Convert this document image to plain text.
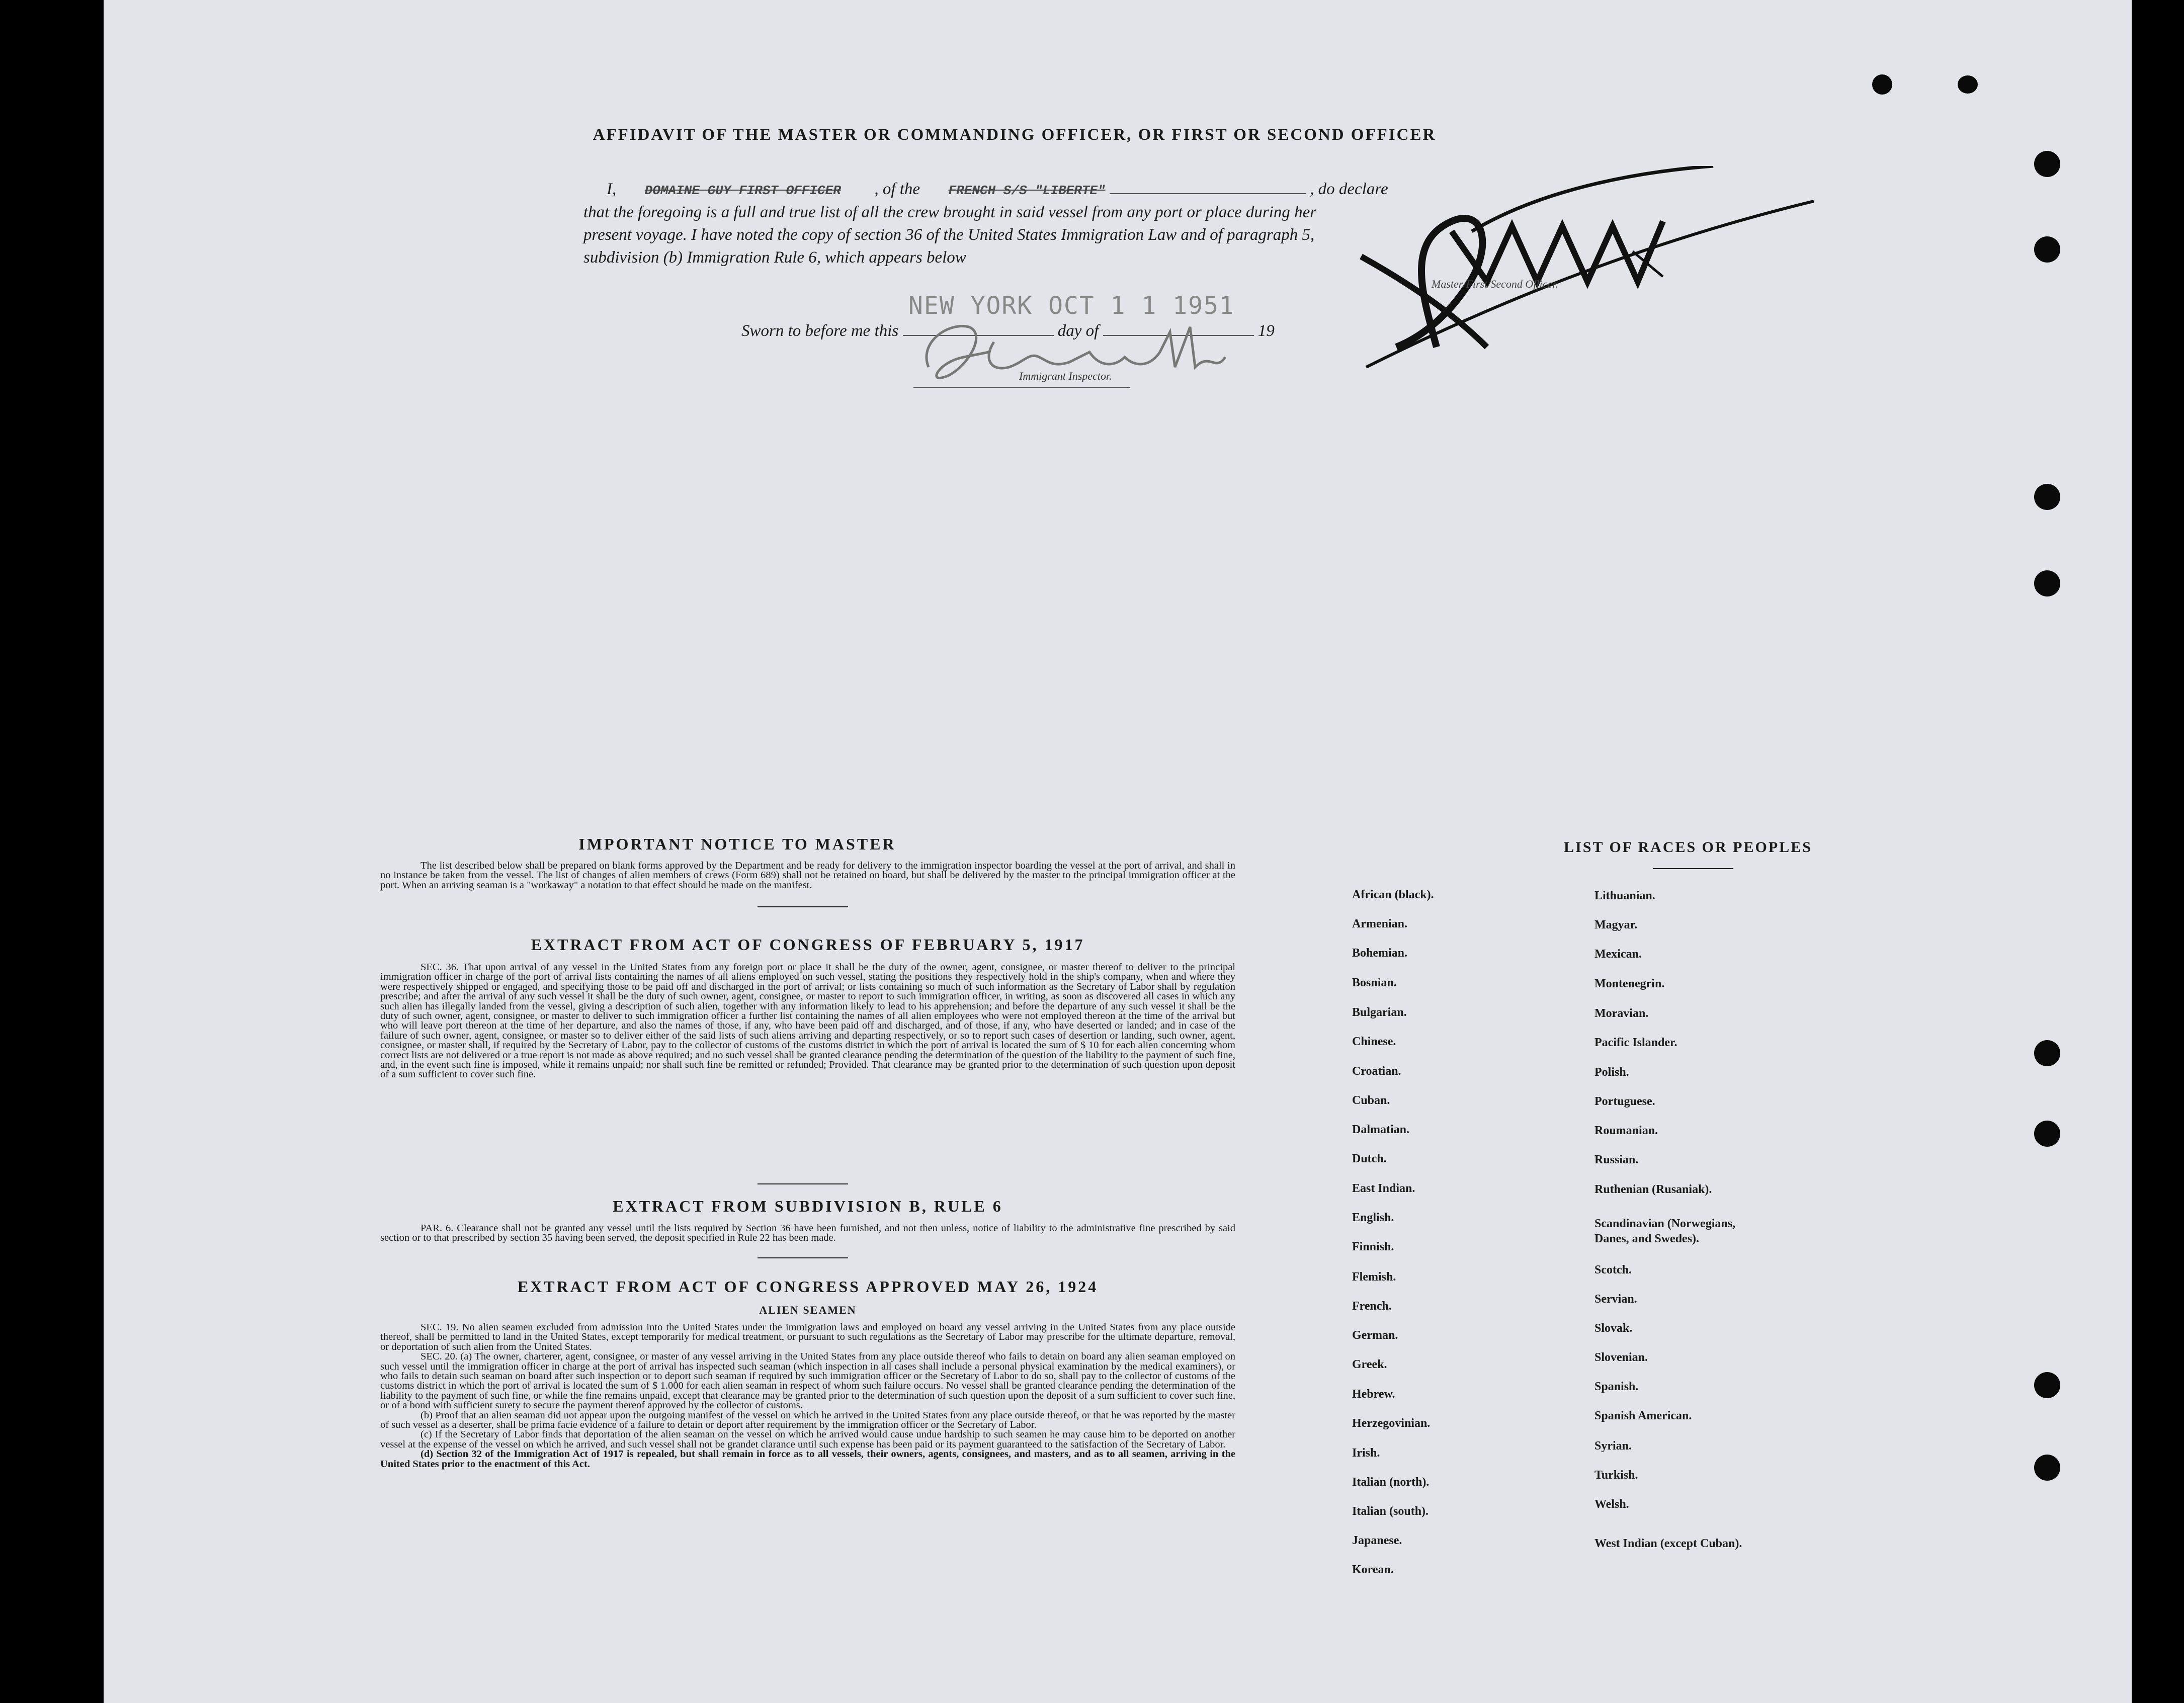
AFFIDAVIT OF THE MASTER OR COMMANDING OFFICER, OR FIRST OR SECOND OFFICER
I, DOMAINE GUY FIRST OFFICER , of the FRENCH S/S "LIBERTE"	, do declare
that the foregoing is a full and true list of all the crew brought in said vessel from any port or place during her
present voyage. I have noted the copy of section 36 of the United States Immigration Law and of paragraph 5,
subdivision (b) Immigration Rule 6, which appears below
Master/First/Second Officer.
NEW YORK OCT 1 1 1951
Sworn to before me this	day of	19
Immigrant Inspector.
IMPORTANT NOTICE TO MASTER

The list described below shall be prepared on blank forms approved by the Department and be ready for delivery to the immigration inspector boarding the vessel at the port of arrival, and shall in no instance be taken from the vessel. The list of changes of alien members of crews (Form 689) shall not be retained on board, but shall be delivered by the master to the principal immigration officer at the port. When an arriving seaman is a "workaway" a notation to that effect should be made on the manifest.

EXTRACT FROM ACT OF CONGRESS OF FEBRUARY 5, 1917

SEC. 36. That upon arrival of any vessel in the United States from any foreign port or place it shall be the duty of the owner, agent, consignee, or master thereof to deliver to the principal immigration officer in charge of the port of arrival lists containing the names of all aliens employed on such vessel, stating the positions they respectively hold in the ship's company, when and where they were respectively shipped or engaged, and specifying those to be paid off and discharged in the port of arrival; or lists containing so much of such information as the Secretary of Labor shall by regulation prescribe; and after the arrival of any such vessel it shall be the duty of such owner, agent, consignee, or master to report to such immigration officer, in writing, as soon as discovered all cases in which any such alien has illegally landed from the vessel, giving a description of such alien, together with any information likely to lead to his apprehension; and before the departure of any such vessel it shall be the duty of such owner, agent, consignee, or master to deliver to such immigration officer a further list containing the names of all alien employees who were not employed thereon at the time of the arrival but who will leave port thereon at the time of her departure, and also the names of those, if any, who have been paid off and discharged, and of those, if any, who have deserted or landed; and in case of the failure of such owner, agent, consignee, or master so to deliver either of the said lists of such aliens arriving and departing respectively, or so to report such cases of desertion or landing, such owner, agent, consignee, or master shall, if required by the Secretary of Labor, pay to the collector of customs of the customs district in which the port of arrival is located the sum of $ 10 for each alien concerning whom correct lists are not delivered or a true report is not made as above required; and no such vessel shall be granted clearance pending the determination of the question of the liability to the payment of such fine, and, in the event such fine is imposed, while it remains unpaid; nor shall such fine be remitted or refunded; Provided. That clearance may be granted prior to the determination of such question upon deposit of a sum sufficient to cover such fine.

EXTRACT FROM SUBDIVISION B, RULE 6

PAR. 6. Clearance shall not be granted any vessel until the lists required by Section 36 have been furnished, and not then unless, notice of liability to the administrative fine prescribed by said section or to that prescribed by section 35 having been served, the deposit specified in Rule 22 has been made.

EXTRACT FROM ACT OF CONGRESS APPROVED MAY 26, 1924
ALIEN SEAMEN

SEC. 19. No alien seamen excluded from admission into the United States under the immigration laws and employed on board any vessel arriving in the United States from any place outside thereof, shall be permitted to land in the United States, except temporarily for medical treatment, or pursuant to such regulations as the Secretary of Labor may prescribe for the ultimate departure, removal, or deportation of such alien from the United States.

SEC. 20. (a) The owner, charterer, agent, consignee, or master of any vessel arriving in the United States from any place outside thereof who fails to detain on board any alien seaman employed on such vessel until the immigration officer in charge at the port of arrival has inspected such seaman (which inspection in all cases shall include a personal physical examination by the medical examiners), or who fails to detain such seaman on board after such inspection or to deport such seaman if required by such immigration officer or the Secretary of Labor to do so, shall pay to the collector of customs of the customs district in which the port of arrival is located the sum of $ 1.000 for each alien seaman in respect of whom such failure occurs. No vessel shall be granted clearance pending the determination of the liability to the payment of such fine, or while the fine remains unpaid, except that clearance may be granted prior to the determination of such question upon the deposit of a sum sufficient to cover such fine, or of a bond with sufficient surety to secure the payment thereof approved by the collector of customs.

(b) Proof that an alien seaman did not appear upon the outgoing manifest of the vessel on which he arrived in the United States from any place outside thereof, or that he was reported by the master of such vessel as a deserter, shall be prima facie evidence of a failure to detain or deport after requirement by the immigration officer or the Secretary of Labor.

(c) If the Secretary of Labor finds that deportation of the alien seaman on the vessel on which he arrived would cause undue hardship to such seamen he may cause him to be deported on another vessel at the expense of the vessel on which he arrived, and such vessel shall not be grandet clarance until such expense has been paid or its payment guaranteed to the satisfaction of the Secretary of Labor.

(d) Section 32 of the Immigration Act of 1917 is repealed, but shall remain in force as to all vessels, their owners, agents, consignees, and masters, and as to all seamen, arriving in the United States prior to the enactment of this Act.

LIST OF RACES OR PEOPLES
African (black).
Armenian.
Bohemian.
Bosnian.
Bulgarian.
Chinese.
Croatian.
Cuban.
Dalmatian.
Dutch.
East Indian.
English.
Finnish.
Flemish.
French.
German.
Greek.
Hebrew.
Herzegovinian.
Irish.
Italian (north).
Italian (south).
Japanese.
Korean.
Lithuanian.
Magyar.
Mexican.
Montenegrin.
Moravian.
Pacific Islander.
Polish.
Portuguese.
Roumanian.
Russian.
Ruthenian (Rusaniak).
Scandinavian (Norwegians, Danes, and Swedes).
Scotch.
Servian.
Slovak.
Slovenian.
Spanish.
Spanish American.
Syrian.
Turkish.
Welsh.
West Indian (except Cuban).
